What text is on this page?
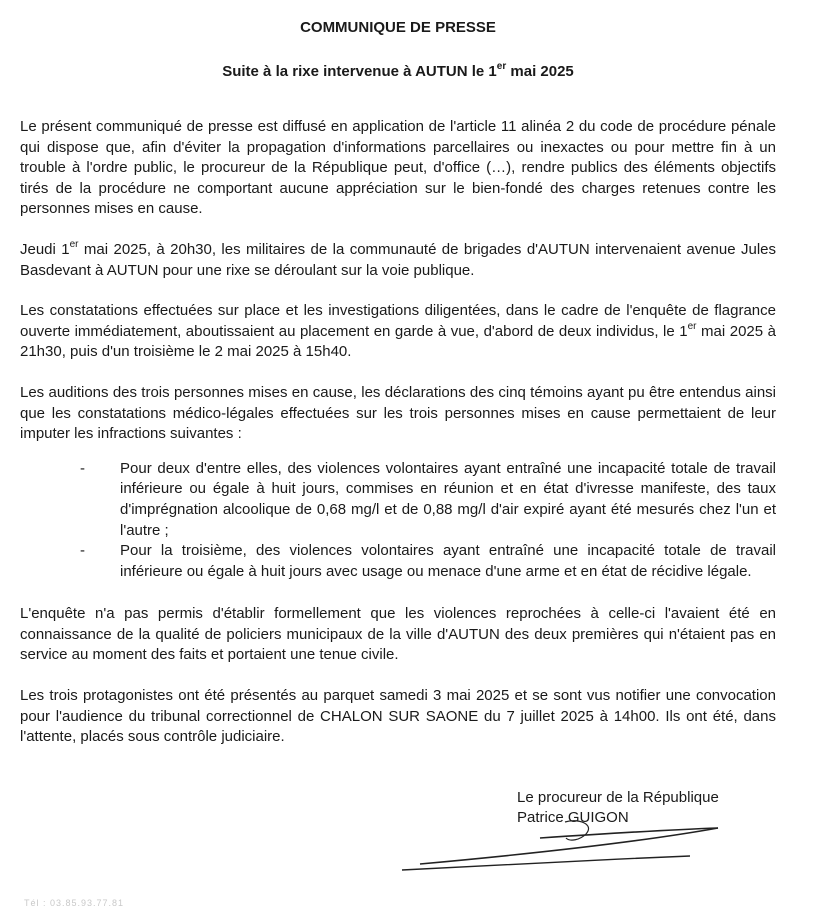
COMMUNIQUE DE PRESSE
Suite à la rixe intervenue à AUTUN le 1er mai 2025

Le présent communiqué de presse est diffusé en application de l'article 11 alinéa 2 du code de procédure pénale qui dispose que, afin d'éviter la propagation d'informations parcellaires ou inexactes ou pour mettre fin à un trouble à l'ordre public, le procureur de la République peut, d'office (…), rendre publics des éléments objectifs tirés de la procédure ne comportant aucune appréciation sur le bien-fondé des charges retenues contre les personnes mises en cause.

Jeudi 1er mai 2025, à 20h30, les militaires de la communauté de brigades d'AUTUN intervenaient avenue Jules Basdevant à AUTUN pour une rixe se déroulant sur la voie publique.

Les constatations effectuées sur place et les investigations diligentées, dans le cadre de l'enquête de flagrance ouverte immédiatement, aboutissaient au placement en garde à vue, d'abord de deux individus, le 1er mai 2025 à 21h30, puis d'un troisième le 2 mai 2025 à 15h40.

Les auditions des trois personnes mises en cause, les déclarations des cinq témoins ayant pu être entendus ainsi que les constatations médico-légales effectuées sur les trois personnes mises en cause permettaient de leur imputer les infractions suivantes :

- Pour deux d'entre elles, des violences volontaires ayant entraîné une incapacité totale de travail inférieure ou égale à huit jours, commises en réunion et en état d'ivresse manifeste, des taux d'imprégnation alcoolique de 0,68 mg/l et de 0,88 mg/l d'air expiré ayant été mesurés chez l'un et l'autre ;
- Pour la troisième, des violences volontaires ayant entraîné une incapacité totale de travail inférieure ou égale à huit jours avec usage ou menace d'une arme et en état de récidive légale.

L'enquête n'a pas permis d'établir formellement que les violences reprochées à celle-ci l'avaient été en connaissance de la qualité de policiers municipaux de la ville d'AUTUN des deux premières qui n'étaient pas en service au moment des faits et portaient une tenue civile.

Les trois protagonistes ont été présentés au parquet samedi 3 mai 2025 et se sont vus notifier une convocation pour l'audience du tribunal correctionnel de CHALON SUR SAONE du 7 juillet 2025 à 14h00. Ils ont été, dans l'attente, placés sous contrôle judiciaire.

Le procureur de la République
Patrice GUIGON
Tél : 03.85.93.77.81
